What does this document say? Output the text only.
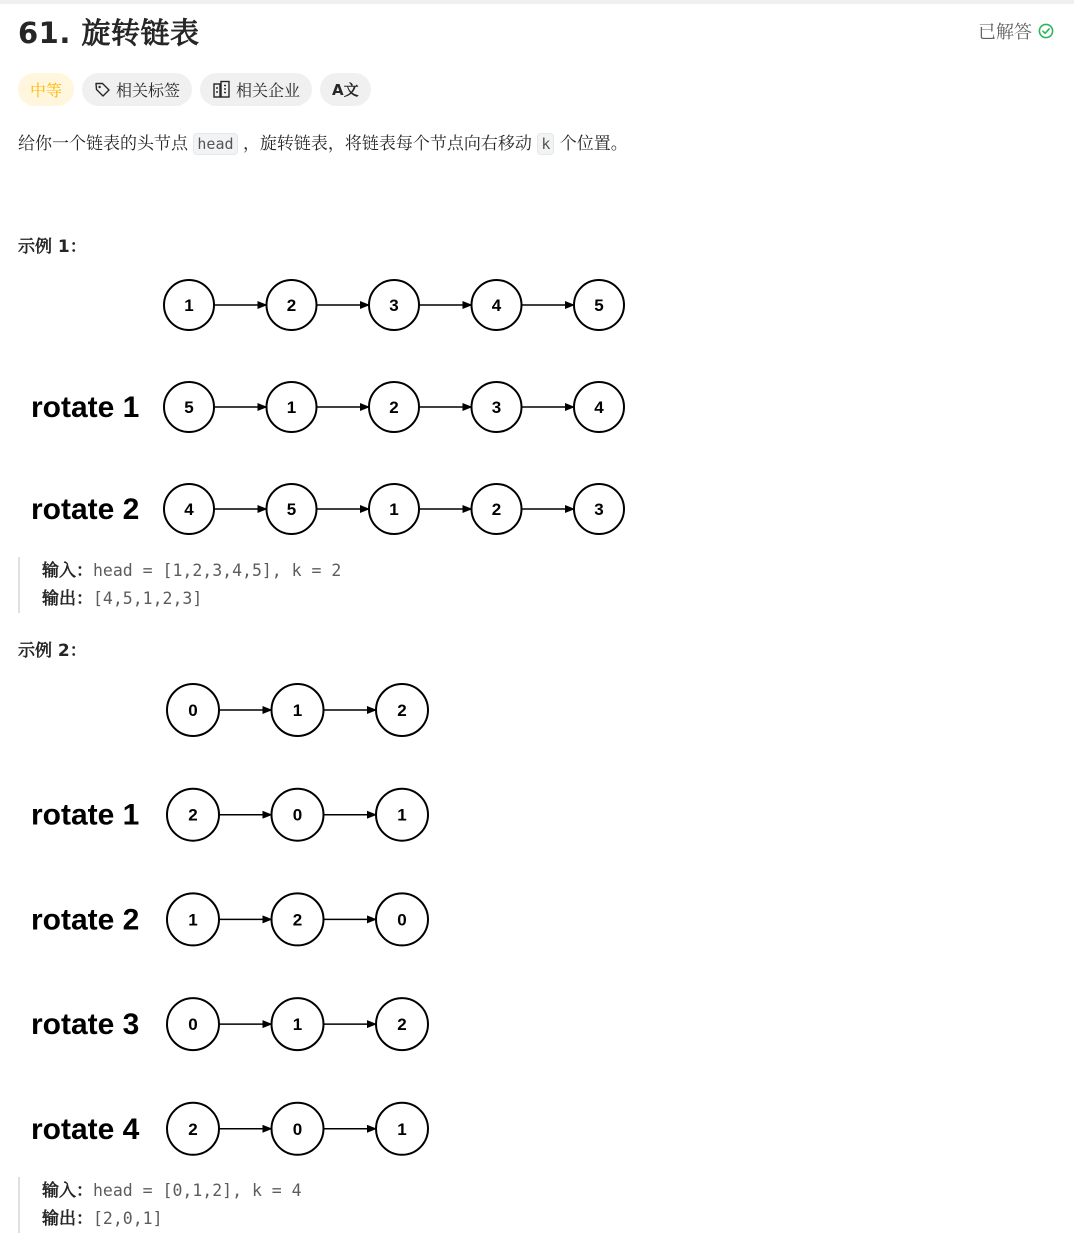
61. 旋转链表	已解答
中等	相关标签	相关企业 A文
给你一个链表的头节点 head ，旋转链表，将链表每个节点向右移动 k 个位置。
示例 1：
1	2	3	4	5
rotate 1	5	1	2	3	4
rotate 2	4	5	1	2	3
输入：head = [1,2,3,4,5], k = 2
输出：[4,5,1,2,3]
示例 2：
0	1	2
rotate 1	2	0	1
rotate 2	1	2	0
rotate 3	0	1	2
rotate 4	2	0	1
输入：head = [0,1,2], k = 4
输出：[2,0,1]
